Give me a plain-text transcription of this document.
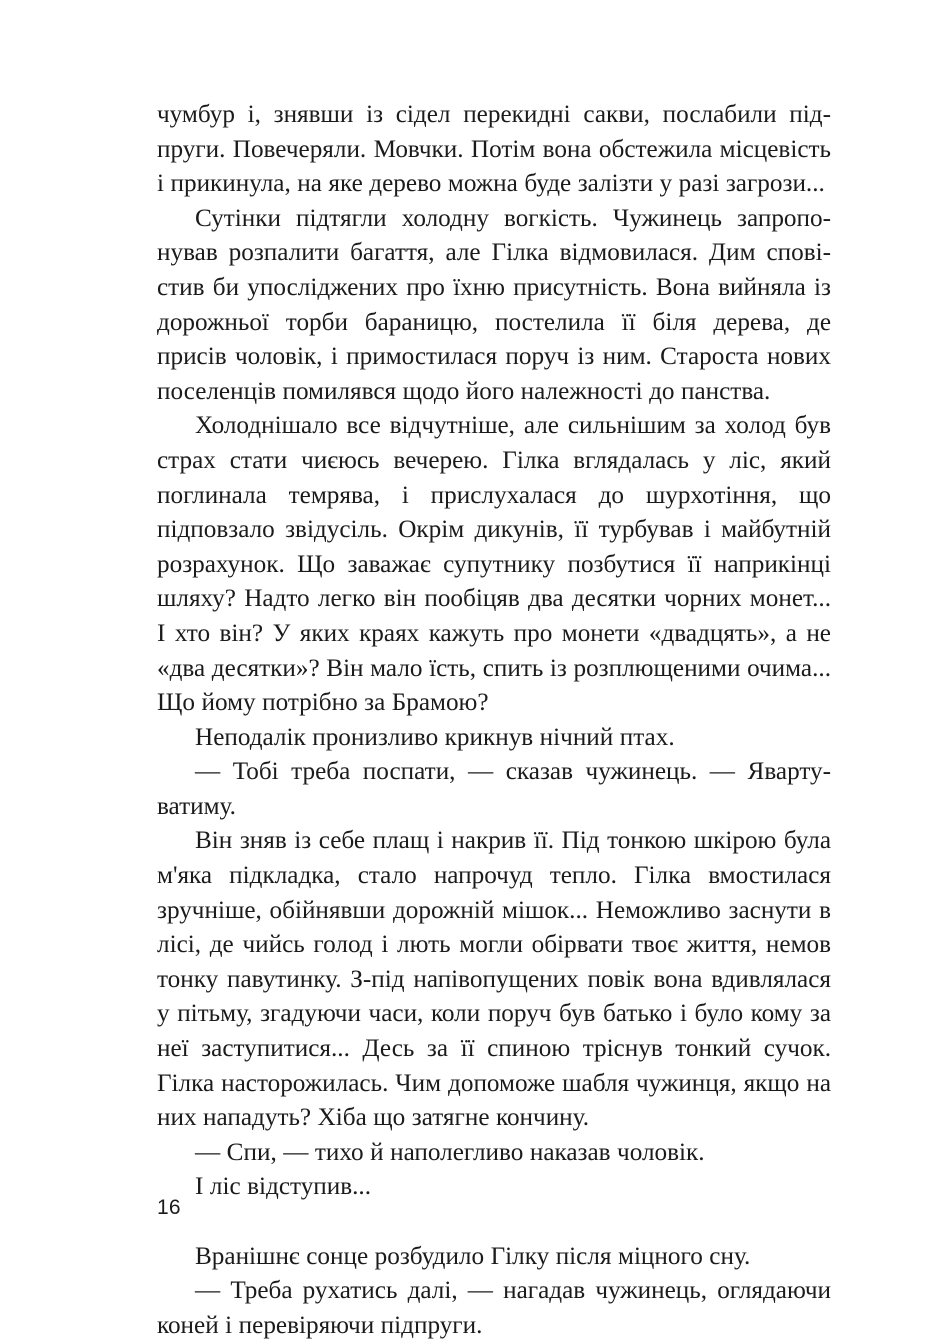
чумбур і, знявши із сідел перекидні сакви, послабили підпруги. Повечеряли. Мовчки. Потім вона обстежила місцевість і прикинула, на яке дерево можна буде залізти у разі загрози...

Сутінки підтягли холодну вогкість. Чужинець запропонував розпалити багаття, але Гілка відмовилася. Дим сповістив би упосліджених про їхню присутність. Вона вийняла із дорожньої торби бараницю, постелила її біля дерева, де присів чоловік, і примостилася поруч із ним. Староста нових поселенців помилявся щодо його належності до панства.

Холоднішало все відчутніше, але сильнішим за холод був страх стати чиєюсь вечерею. Гілка вглядалась у ліс, який поглинала темрява, і прислухалася до шурхотіння, що підповзало звідусіль. Окрім дикунів, її турбував і майбутній розрахунок. Що заважає супутнику позбутися її наприкінці шляху? Надто легко він пообіцяв два десятки чорних монет... І хто він? У яких краях кажуть про монети «двадцять», а не «два десятки»? Він мало їсть, спить із розплющеними очима... Що йому потрібно за Брамою?

Неподалік пронизливо крикнув нічний птах.

— Тобі треба поспати, — сказав чужинець. — Явартуватиму.

Він зняв із себе плащ і накрив її. Під тонкою шкірою була м'яка підкладка, стало напрочуд тепло. Гілка вмостилася зручніше, обійнявши дорожній мішок... Неможливо заснути в лісі, де чийсь голод і лють могли обірвати твоє життя, немов тонку павутинку. З-під напівопущених повік вона вдивлялася у пітьму, згадуючи часи, коли поруч був батько і було кому за неї заступитися... Десь за її спиною тріснув тонкий сучок. Гілка насторожилась. Чим допоможе шабля чужинця, якщо на них нападуть? Хіба що затягне кончину.

— Спи, — тихо й наполегливо наказав чоловік.

І ліс відступив...

Вранішнє сонце розбудило Гілку після міцного сну.

— Треба рухатись далі, — нагадав чужинець, оглядаючи коней і перевіряючи підпруги.

16
